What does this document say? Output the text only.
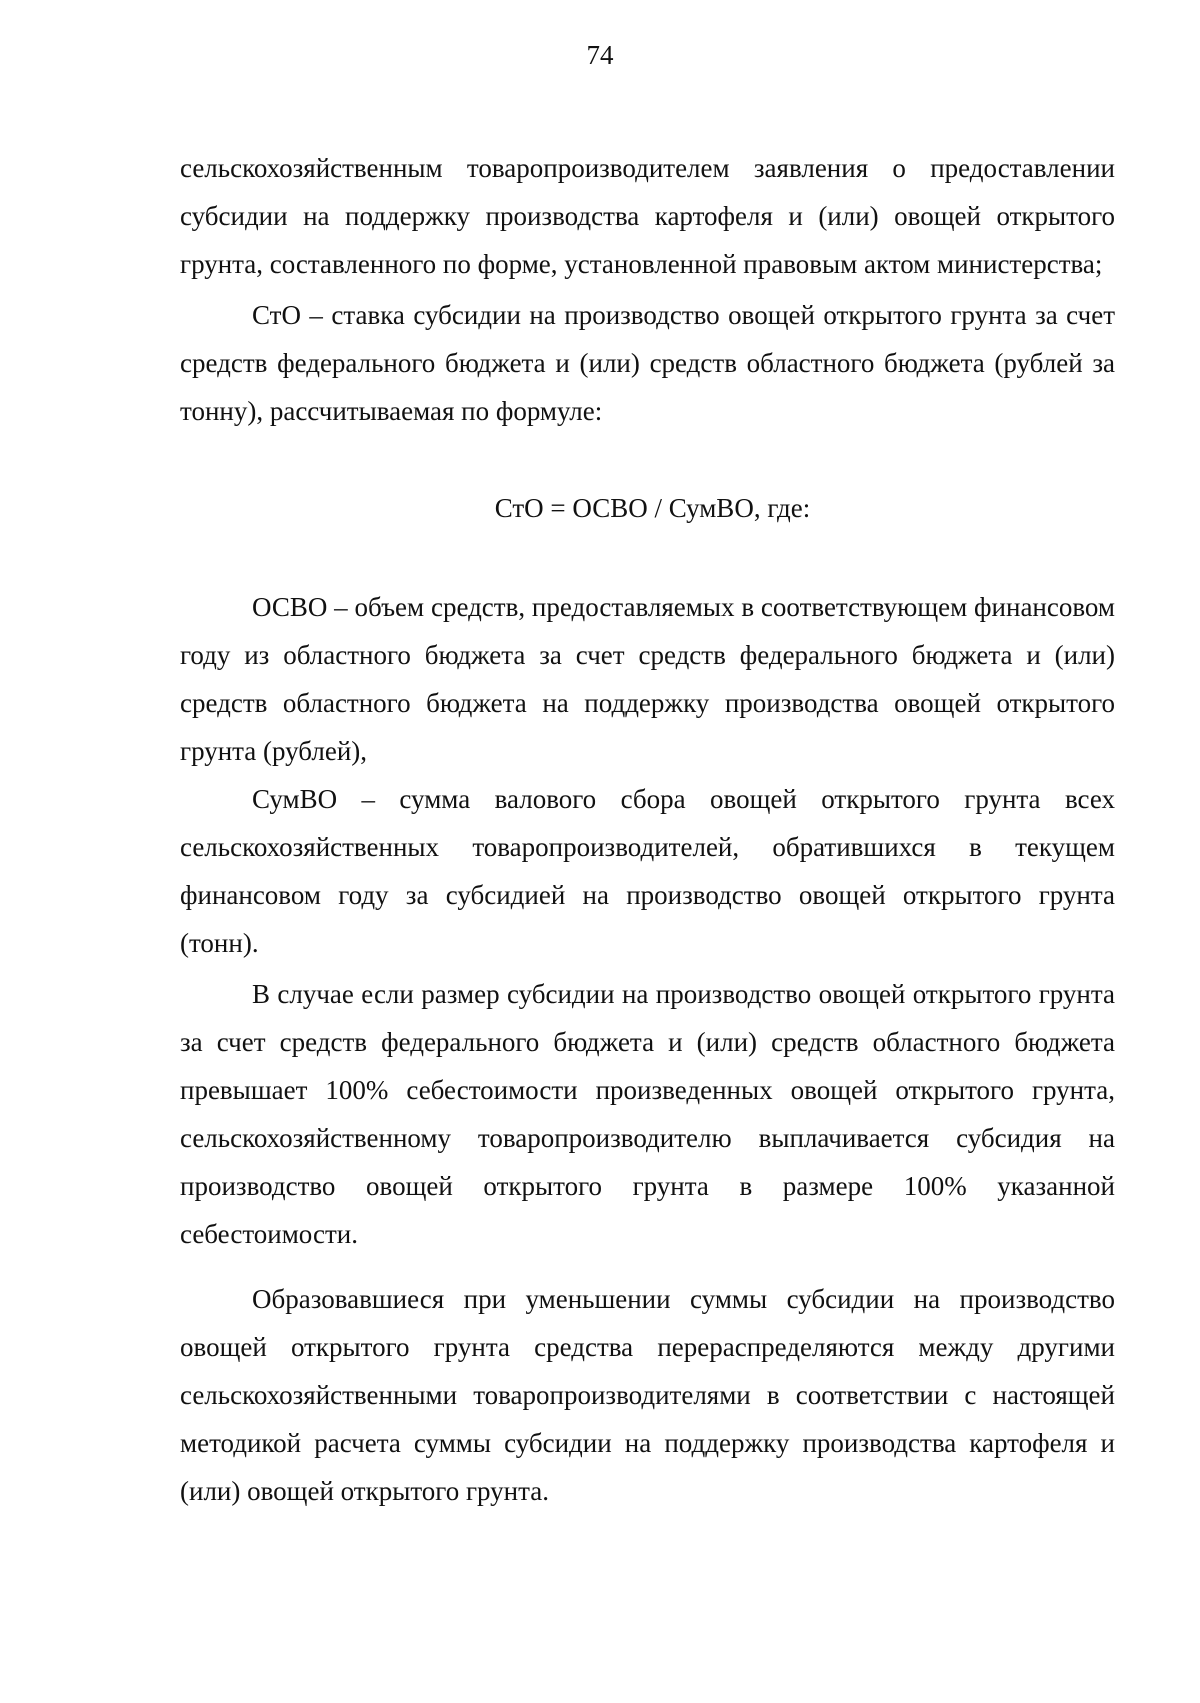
74

сельскохозяйственным товаропроизводителем заявления о предоставлении субсидии на поддержку производства картофеля и (или) овощей открытого грунта, составленного по форме, установленной правовым актом министерства;

СтО – ставка субсидии на производство овощей открытого грунта за счет средств федерального бюджета и (или) средств областного бюджета (рублей за тонну), рассчитываемая по формуле:

СтО = ОСВО / СумВО, где:

ОСВО – объем средств, предоставляемых в соответствующем финансовом году из областного бюджета за счет средств федерального бюджета и (или) средств областного бюджета на поддержку производства овощей открытого грунта (рублей),

СумВО – сумма валового сбора овощей открытого грунта всех сельскохозяйственных товаропроизводителей, обратившихся в текущем финансовом году за субсидией на производство овощей открытого грунта (тонн).

В случае если размер субсидии на производство овощей открытого грунта за счет средств федерального бюджета и (или) средств областного бюджета превышает 100% себестоимости произведенных овощей открытого грунта, сельскохозяйственному товаропроизводителю выплачивается субсидия на производство овощей открытого грунта в размере 100% указанной себестоимости.

Образовавшиеся при уменьшении суммы субсидии на производство овощей открытого грунта средства перераспределяются между другими сельскохозяйственными товаропроизводителями в соответствии с настоящей методикой расчета суммы субсидии на поддержку производства картофеля и (или) овощей открытого грунта.
